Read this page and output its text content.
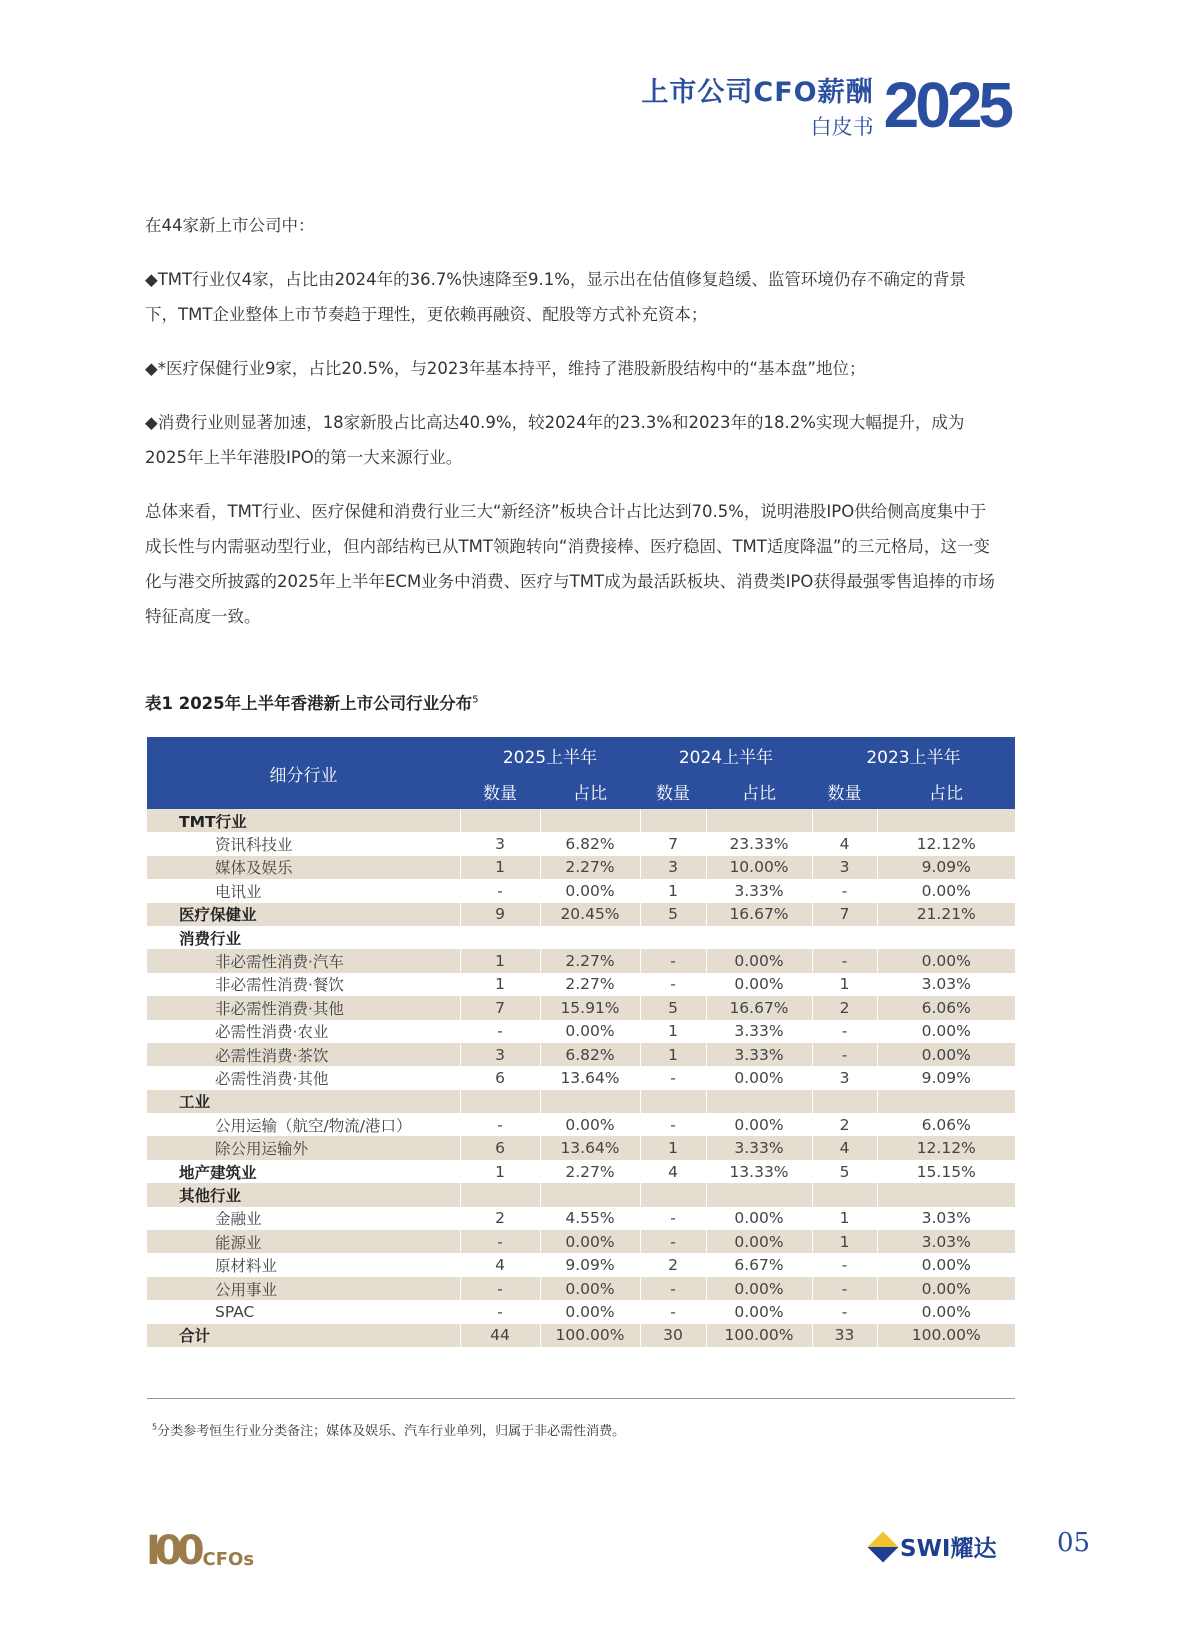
上市公司CFO薪酬
白皮书 2025

在44家新上市公司中：

◆TMT行业仅4家，占比由2024年的36.7%快速降至9.1%，显示出在估值修复趋缓、监管环境仍存不确定的背景下，TMT企业整体上市节奏趋于理性，更依赖再融资、配股等方式补充资本；

◆*医疗保健行业9家，占比20.5%，与2023年基本持平，维持了港股新股结构中的“基本盘”地位；

◆消费行业则显著加速，18家新股占比高达40.9%，较2024年的23.3%和2023年的18.2%实现大幅提升，成为2025年上半年港股IPO的第一大来源行业。

总体来看，TMT行业、医疗保健和消费行业三大“新经济”板块合计占比达到70.5%，说明港股IPO供给侧高度集中于成长性与内需驱动型行业，但内部结构已从TMT领跑转向“消费接棒、医疗稳固、TMT适度降温”的三元格局，这一变化与港交所披露的2025年上半年ECM业务中消费、医疗与TMT成为最活跃板块、消费类IPO获得最强零售追捧的市场特征高度一致。

表1 2025年上半年香港新上市公司行业分布$^5$
细分行业	2025上半年		2024上半年		2023上半年	
	数量	占比	数量	占比	数量	占比
TMT行业						
资讯科技业	3	6.82%	7	23.33%	4	12.12%
媒体及娱乐	1	2.27%	3	10.00%	3	9.09%
电讯业	-	0.00%	1	3.33%	-	0.00%
医疗保健业	9	20.45%	5	16.67%	7	21.21%
消费行业						
非必需性消费·汽车	1	2.27%	-	0.00%	-	0.00%
非必需性消费·餐饮	1	2.27%	-	0.00%	1	3.03%
非必需性消费·其他	7	15.91%	5	16.67%	2	6.06%
必需性消费·农业	-	0.00%	1	3.33%	-	0.00%
必需性消费·茶饮	3	6.82%	1	3.33%	-	0.00%
必需性消费·其他	6	13.64%	-	0.00%	3	9.09%
工业						
公用运输（航空/物流/港口）	-	0.00%	-	0.00%	2	6.06%
除公用运输外	6	13.64%	1	3.33%	4	12.12%
地产建筑业	1	2.27%	4	13.33%	5	15.15%
其他行业						
金融业	2	4.55%	-	0.00%	1	3.03%
能源业	-	0.00%	-	0.00%	1	3.03%
原材料业	4	9.09%	2	6.67%	-	0.00%
公用事业	-	0.00%	-	0.00%	-	0.00%
SPAC	-	0.00%	-	0.00%	-	0.00%
合计	44	100.00%	30	100.00%	33	100.00%
$^5$分类参考恒生行业分类备注；媒体及娱乐、汽车行业单列，归属于非必需性消费。
I00 CFOs	SWI耀达 05
